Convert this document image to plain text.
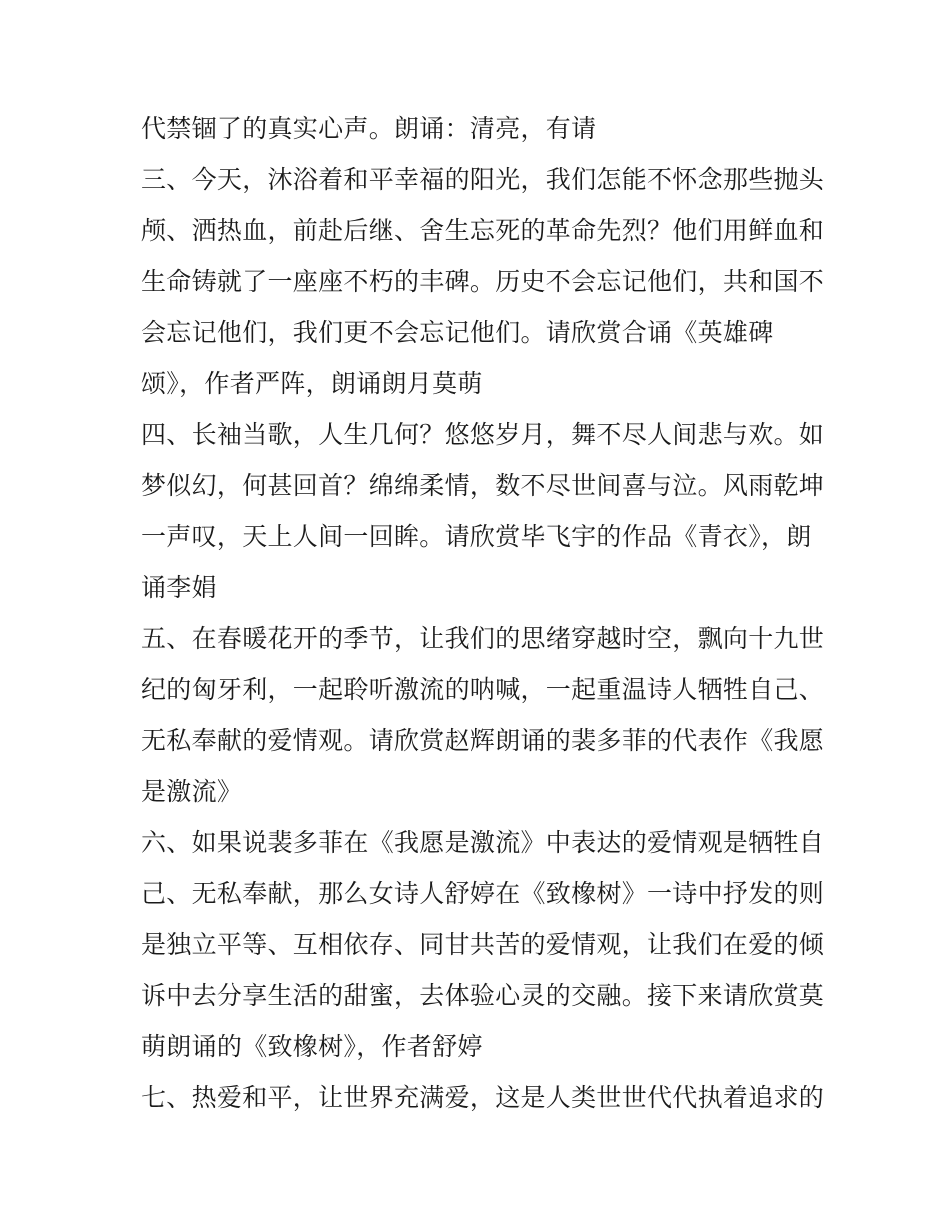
代禁锢了的真实心声。朗诵：清亮，有请
三、今天，沐浴着和平幸福的阳光，我们怎能不怀念那些抛头
颅、洒热血，前赴后继、舍生忘死的革命先烈？他们用鲜血和
生命铸就了一座座不朽的丰碑。历史不会忘记他们，共和国不
会忘记他们，我们更不会忘记他们。请欣赏合诵《英雄碑
颂》，作者严阵，朗诵朗月莫萌
四、长袖当歌，人生几何？悠悠岁月，舞不尽人间悲与欢。如
梦似幻，何甚回首？绵绵柔情，数不尽世间喜与泣。风雨乾坤
一声叹，天上人间一回眸。请欣赏毕飞宇的作品《青衣》，朗
诵李娟
五、在春暖花开的季节，让我们的思绪穿越时空，飘向十九世
纪的匈牙利，一起聆听激流的呐喊，一起重温诗人牺牲自己、
无私奉献的爱情观。请欣赏赵辉朗诵的裴多菲的代表作《我愿
是激流》
六、如果说裴多菲在《我愿是激流》中表达的爱情观是牺牲自
己、无私奉献，那么女诗人舒婷在《致橡树》一诗中抒发的则
是独立平等、互相依存、同甘共苦的爱情观，让我们在爱的倾
诉中去分享生活的甜蜜，去体验心灵的交融。接下来请欣赏莫
萌朗诵的《致橡树》，作者舒婷
七、热爱和平，让世界充满爱，这是人类世世代代执着追求的
